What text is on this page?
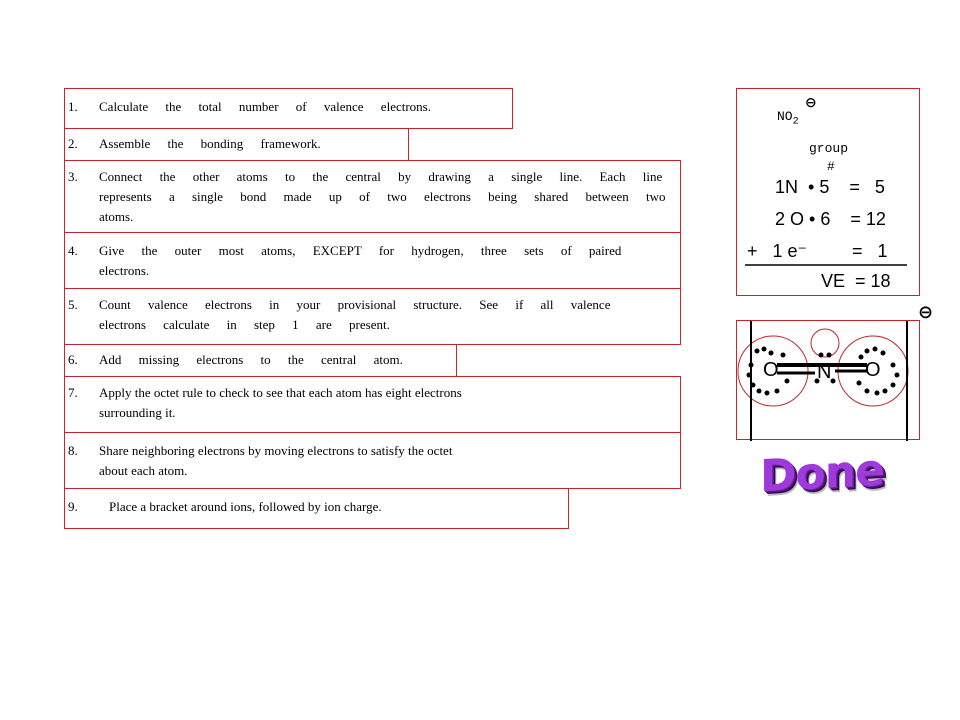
1. Calculate the total number of valence electrons.
2. Assemble the bonding framework.
3. Connect the other atoms to the central by drawing a single line. Each line represents a single bond made up of two electrons being shared between two atoms.
4. Give the outer most atoms, EXCEPT for hydrogen, three sets of paired electrons.
5. Count valence electrons in your provisional structure. See if all valence electrons calculate in step 1 are present.
6. Add missing electrons to the central atom.
7. Apply the octet rule to check to see that each atom has eight electrons surrounding it.
8. Share neighboring electrons by moving electrons to satisfy the octet about each atom.
9. Place a bracket around ions, followed by ion charge.
$NO_2$
⊖
group
#
1N  • 5    =   5
2 O • 6    = 12
+   1 e⁻         =   1
VE  = 18
O N O
⊖
Done
